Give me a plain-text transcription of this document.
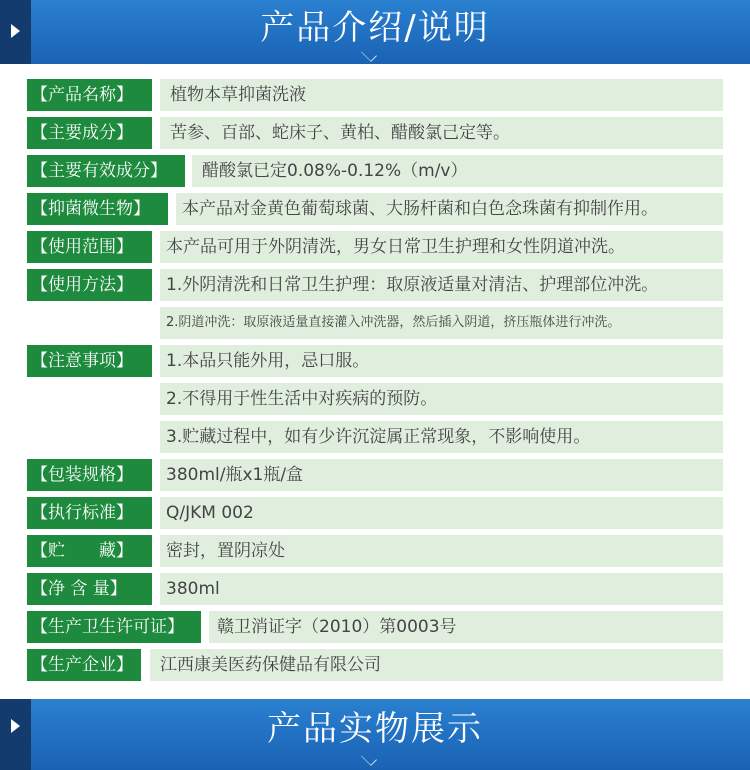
产品介绍/说明
【产品名称】	植物本草抑菌洗液
【主要成分】	苦参、百部、蛇床子、黄柏、醋酸氯己定等。
【主要有效成分】	醋酸氯已定0.08%-0.12%（m/v）
【抑菌微生物】	本产品对金黄色葡萄球菌、大肠杆菌和白色念珠菌有抑制作用。
【使用范围】	本产品可用于外阴清洗，男女日常卫生护理和女性阴道冲洗。
【使用方法】	1.外阴清洗和日常卫生护理：取原液适量对清洁、护理部位冲洗。
2.阴道冲洗：取原液适量直接灌入冲洗器，然后插入阴道，挤压瓶体进行冲洗。
【注意事项】	1.本品只能外用，忌口服。
2.不得用于性生活中对疾病的预防。
3.贮藏过程中，如有少许沉淀属正常现象，不影响使用。
【包装规格】	380ml/瓶x1瓶/盒
【执行标准】	Q/JKM 002
【贮　　藏】	密封，置阴凉处
【净 含 量】	380ml
【生产卫生许可证】	赣卫消证字（2010）第0003号
【生产企业】	江西康美医药保健品有限公司
产品实物展示
